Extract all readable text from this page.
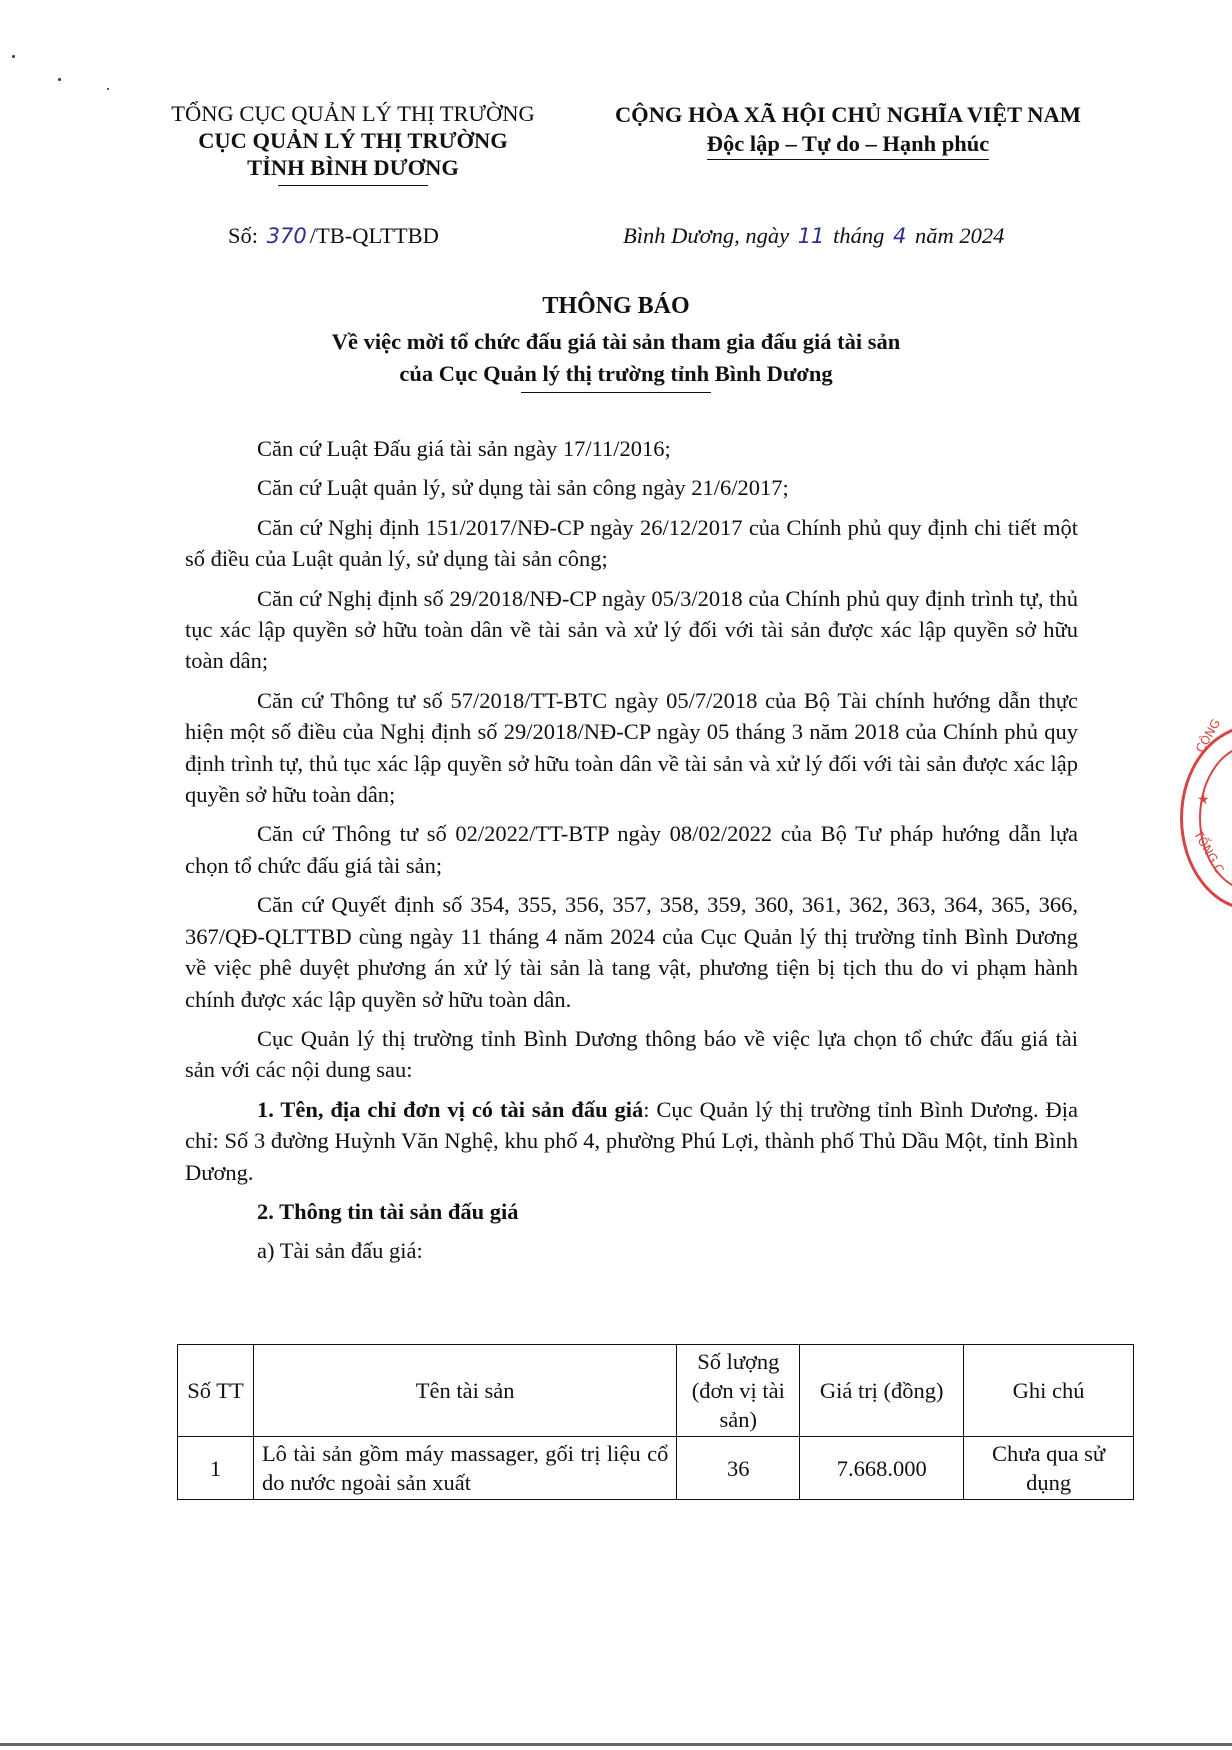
TỔNG CỤC QUẢN LÝ THỊ TRƯỜNG
CỤC QUẢN LÝ THỊ TRƯỜNG
TỈNH BÌNH DƯƠNG
CỘNG HÒA XÃ HỘI CHỦ NGHĨA VIỆT NAM
Độc lập – Tự do – Hạnh phúc
Số: 370 /TB-QLTTBD	Bình Dương, ngày 11 tháng 4 năm 2024
THÔNG BÁO
Về việc mời tổ chức đấu giá tài sản tham gia đấu giá tài sản
của Cục Quản lý thị trường tỉnh Bình Dương

Căn cứ Luật Đấu giá tài sản ngày 17/11/2016;

Căn cứ Luật quản lý, sử dụng tài sản công ngày 21/6/2017;

Căn cứ Nghị định 151/2017/NĐ-CP ngày 26/12/2017 của Chính phủ quy định chi tiết một số điều của Luật quản lý, sử dụng tài sản công;

Căn cứ Nghị định số 29/2018/NĐ-CP ngày 05/3/2018 của Chính phủ quy định trình tự, thủ tục xác lập quyền sở hữu toàn dân về tài sản và xử lý đối với tài sản được xác lập quyền sở hữu toàn dân;

Căn cứ Thông tư số 57/2018/TT-BTC ngày 05/7/2018 của Bộ Tài chính hướng dẫn thực hiện một số điều của Nghị định số 29/2018/NĐ-CP ngày 05 tháng 3 năm 2018 của Chính phủ quy định trình tự, thủ tục xác lập quyền sở hữu toàn dân về tài sản và xử lý đối với tài sản được xác lập quyền sở hữu toàn dân;

Căn cứ Thông tư số 02/2022/TT-BTP ngày 08/02/2022 của Bộ Tư pháp hướng dẫn lựa chọn tổ chức đấu giá tài sản;

Căn cứ Quyết định số 354, 355, 356, 357, 358, 359, 360, 361, 362, 363, 364, 365, 366, 367/QĐ-QLTTBD cùng ngày 11 tháng 4 năm 2024 của Cục Quản lý thị trường tỉnh Bình Dương về việc phê duyệt phương án xử lý tài sản là tang vật, phương tiện bị tịch thu do vi phạm hành chính được xác lập quyền sở hữu toàn dân.

Cục Quản lý thị trường tỉnh Bình Dương thông báo về việc lựa chọn tổ chức đấu giá tài sản với các nội dung sau:

1. Tên, địa chỉ đơn vị có tài sản đấu giá: Cục Quản lý thị trường tỉnh Bình Dương. Địa chỉ: Số 3 đường Huỳnh Văn Nghệ, khu phố 4, phường Phú Lợi, thành phố Thủ Dầu Một, tỉnh Bình Dương.

2. Thông tin tài sản đấu giá

a) Tài sản đấu giá:

Số TT	Tên tài sản	Số lượng (đơn vị tài sản)	Giá trị (đồng)	Ghi chú
1	Lô tài sản gồm máy massager, gối trị liệu cổ do nước ngoài sản xuất	36	7.668.000	Chưa qua sử dụng
★
CỘNG
TỔNG C
